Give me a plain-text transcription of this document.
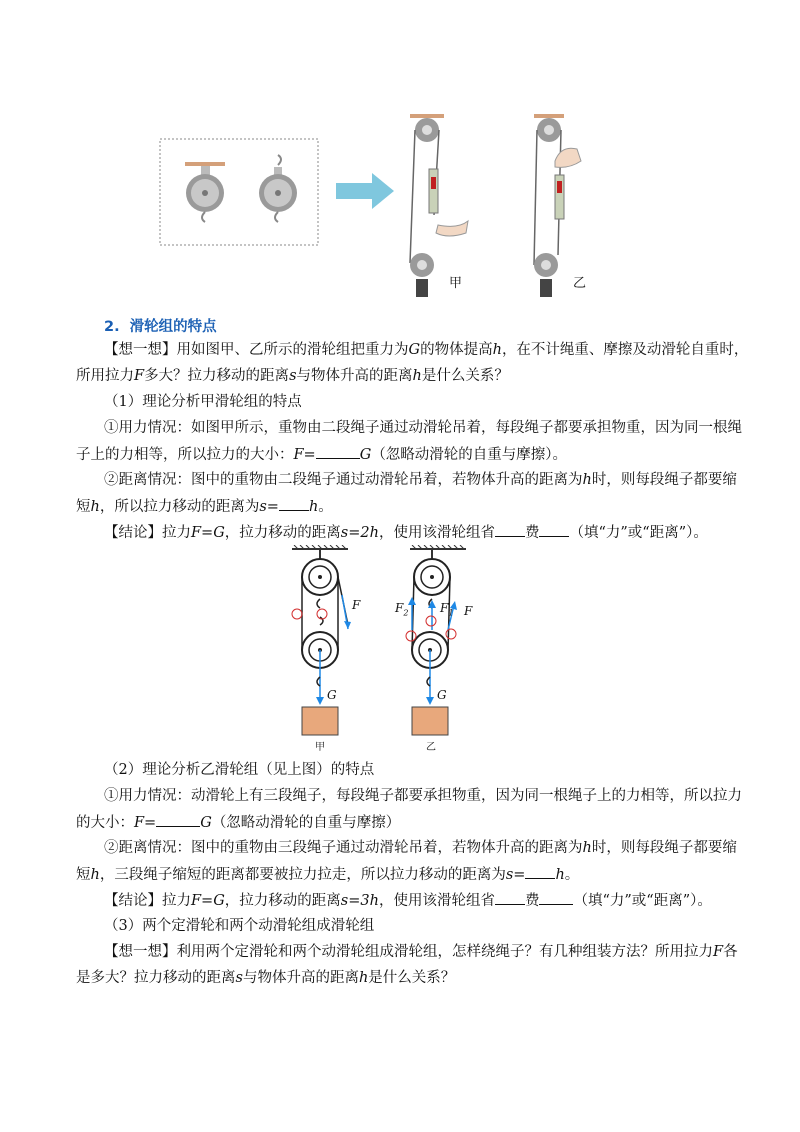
甲	乙
2. 滑轮组的特点
【想一想】用如图甲、乙所示的滑轮组把重力为G的物体提高h，在不计绳重、摩擦及动滑轮自重时，
所用拉力F多大？拉力移动的距离s与物体升高的距离h是什么关系？
（1）理论分析甲滑轮组的特点
①用力情况：如图甲所示，重物由二段绳子通过动滑轮吊着，每段绳子都要承担物重，因为同一根绳
子上的力相等，所以拉力的大小：F=	G（忽略动滑轮的自重与摩擦）。
②距离情况：图中的重物由二段绳子通过动滑轮吊着，若物体升高的距离为h时，则每段绳子都要缩
短h，所以拉力移动的距离为s= h。
【结论】拉力F=G，拉力移动的距离s=2h，使用该滑轮组省 费 （填“力”或“距离”）。
F
G
$F_2$	$F_1$ F
G
甲	乙
（2）理论分析乙滑轮组（见上图）的特点
①用力情况：动滑轮上有三段绳子，每段绳子都要承担物重，因为同一根绳子上的力相等，所以拉力
的大小：F=	G（忽略动滑轮的自重与摩擦）
②距离情况：图中的重物由三段绳子通过动滑轮吊着，若物体升高的距离为h时，则每段绳子都要缩
短h，三段绳子缩短的距离都要被拉力拉走，所以拉力移动的距离为s= h。
【结论】拉力F=G，拉力移动的距离s=3h，使用该滑轮组省 费 （填“力”或“距离”）。
（3）两个定滑轮和两个动滑轮组成滑轮组
【想一想】利用两个定滑轮和两个动滑轮组成滑轮组，怎样绕绳子？有几种组装方法？所用拉力F各
是多大？拉力移动的距离s与物体升高的距离h是什么关系？
